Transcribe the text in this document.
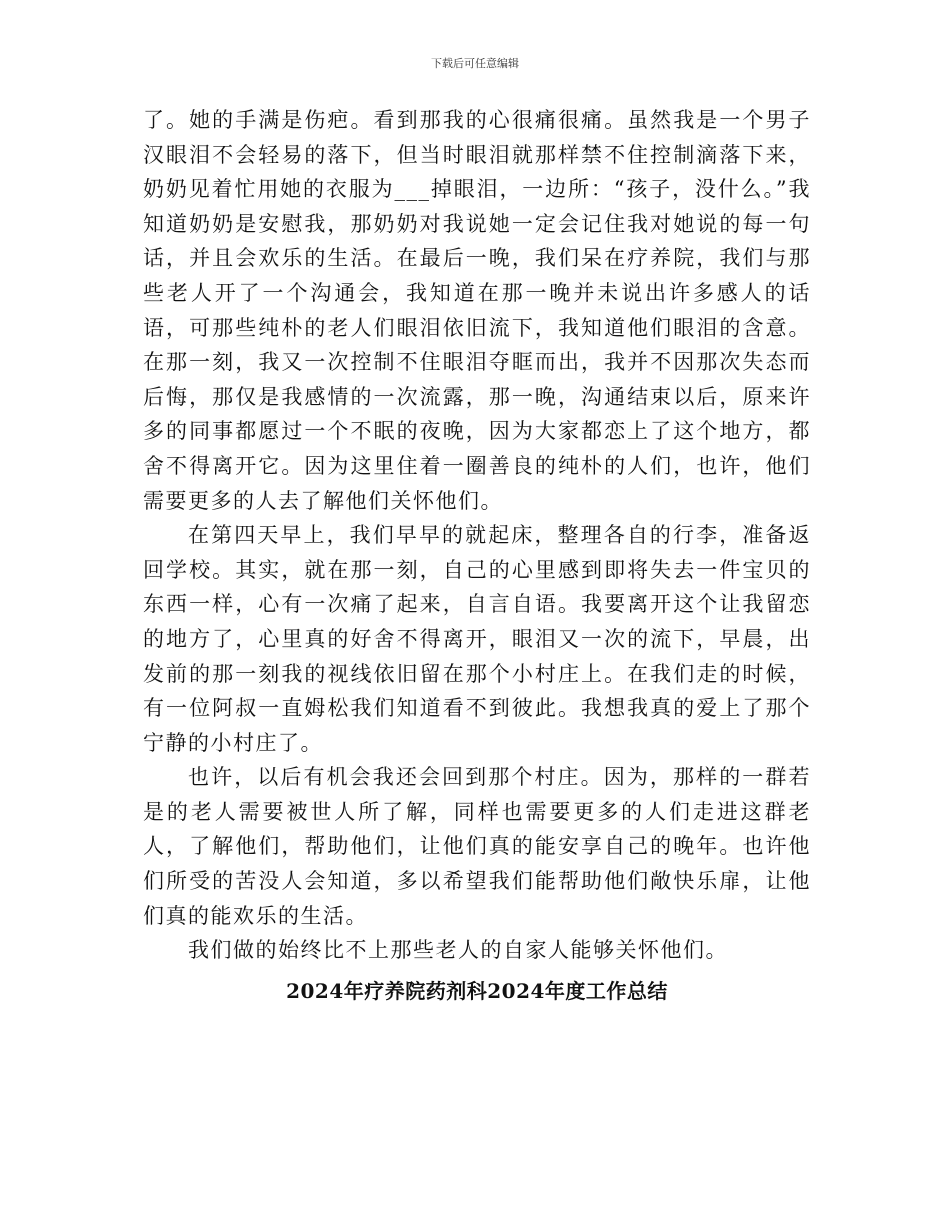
下载后可任意编辑

了。她的手满是伤疤。看到那我的心很痛很痛。虽然我是一个男子汉眼泪不会轻易的落下，但当时眼泪就那样禁不住控制滴落下来，奶奶见着忙用她的衣服为___掉眼泪，一边所：“孩子，没什么。”我知道奶奶是安慰我，那奶奶对我说她一定会记住我对她说的每一句话，并且会欢乐的生活。在最后一晚，我们呆在疗养院，我们与那些老人开了一个沟通会，我知道在那一晚并未说出许多感人的话语，可那些纯朴的老人们眼泪依旧流下，我知道他们眼泪的含意。在那一刻，我又一次控制不住眼泪夺眶而出，我并不因那次失态而后悔，那仅是我感情的一次流露，那一晚，沟通结束以后，原来许多的同事都愿过一个不眠的夜晚，因为大家都恋上了这个地方，都舍不得离开它。因为这里住着一圈善良的纯朴的人们，也许，他们需要更多的人去了解他们关怀他们。

在第四天早上，我们早早的就起床，整理各自的行李，准备返回学校。其实，就在那一刻，自己的心里感到即将失去一件宝贝的东西一样，心有一次痛了起来，自言自语。我要离开这个让我留恋的地方了，心里真的好舍不得离开，眼泪又一次的流下，早晨，出发前的那一刻我的视线依旧留在那个小村庄上。在我们走的时候，有一位阿叔一直姆松我们知道看不到彼此。我想我真的爱上了那个宁静的小村庄了。

也许，以后有机会我还会回到那个村庄。因为，那样的一群若是的老人需要被世人所了解，同样也需要更多的人们走进这群老人，了解他们，帮助他们，让他们真的能安享自己的晚年。也许他们所受的苦没人会知道，多以希望我们能帮助他们敞快乐扉，让他们真的能欢乐的生活。

我们做的始终比不上那些老人的自家人能够关怀他们。

2024年疗养院药剂科2024年度工作总结
